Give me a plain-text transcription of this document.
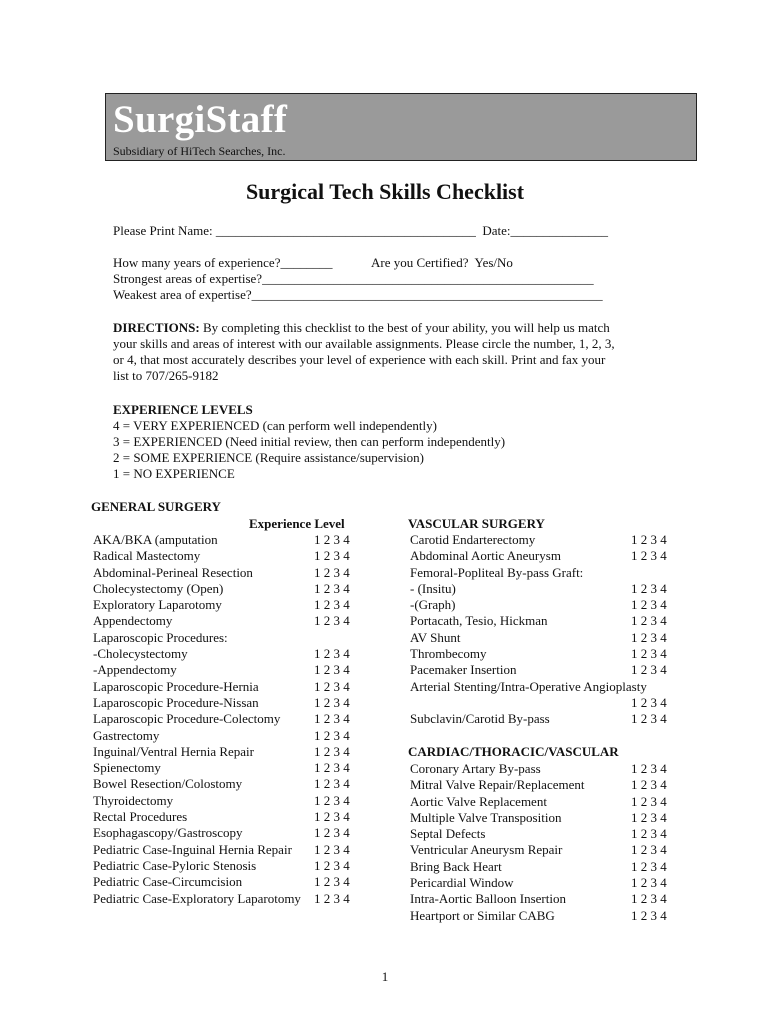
SurgiStaff
Subsidiary of HiTech Searches, Inc.
Surgical Tech Skills Checklist
Please Print Name: ________________________________________  Date:_______________
How many years of experience?________	Are you Certified?  Yes/No
Strongest areas of expertise?___________________________________________________
Weakest area of expertise?______________________________________________________
DIRECTIONS: By completing this checklist to the best of your ability, you will help us match
your skills and areas of interest with our available assignments. Please circle the number, 1, 2, 3,
or 4, that most accurately describes your level of experience with each skill. Print and fax your
list to 707/265-9182
EXPERIENCE LEVELS
4 = VERY EXPERIENCED (can perform well independently)
3 = EXPERIENCED (Need initial review, then can perform independently)
2 = SOME EXPERIENCE (Require assistance/supervision)
1 = NO EXPERIENCE
GENERAL SURGERY
Experience Level
AKA/BKA (amputation	1 2 3 4
Radical Mastectomy	1 2 3 4
Abdominal-Perineal Resection	1 2 3 4
Cholecystectomy (Open)	1 2 3 4
Exploratory Laparotomy	1 2 3 4
Appendectomy	1 2 3 4
Laparoscopic Procedures:
-Cholecystectomy	1 2 3 4
-Appendectomy	1 2 3 4
Laparoscopic Procedure-Hernia	1 2 3 4
Laparoscopic Procedure-Nissan	1 2 3 4
Laparoscopic Procedure-Colectomy	1 2 3 4
Gastrectomy	1 2 3 4
Inguinal/Ventral Hernia Repair	1 2 3 4
Spienectomy	1 2 3 4
Bowel Resection/Colostomy	1 2 3 4
Thyroidectomy	1 2 3 4
Rectal Procedures	1 2 3 4
Esophagascopy/Gastroscopy	1 2 3 4
Pediatric Case-Inguinal Hernia Repair 1 2 3 4
Pediatric Case-Pyloric Stenosis	1 2 3 4
Pediatric Case-Circumcision	1 2 3 4
Pediatric Case-Exploratory Laparotomy 1 2 3 4
VASCULAR SURGERY
Carotid Endarterectomy	1 2 3 4
Abdominal Aortic Aneurysm	1 2 3 4
Femoral-Popliteal By-pass Graft:
- (Insitu)	1 2 3 4
-(Graph)	1 2 3 4
Portacath, Tesio, Hickman	1 2 3 4
AV Shunt	1 2 3 4
Thrombecomy	1 2 3 4
Pacemaker Insertion	1 2 3 4
Arterial Stenting/Intra-Operative Angioplasty
1 2 3 4
Subclavin/Carotid By-pass	1 2 3 4
CARDIAC/THORACIC/VASCULAR
Coronary Artary By-pass	1 2 3 4
Mitral Valve Repair/Replacement	1 2 3 4
Aortic Valve Replacement	1 2 3 4
Multiple Valve Transposition	1 2 3 4
Septal Defects	1 2 3 4
Ventricular Aneurysm Repair	1 2 3 4
Bring Back Heart	1 2 3 4
Pericardial Window	1 2 3 4
Intra-Aortic Balloon Insertion	1 2 3 4
Heartport or Similar CABG	1 2 3 4
1
